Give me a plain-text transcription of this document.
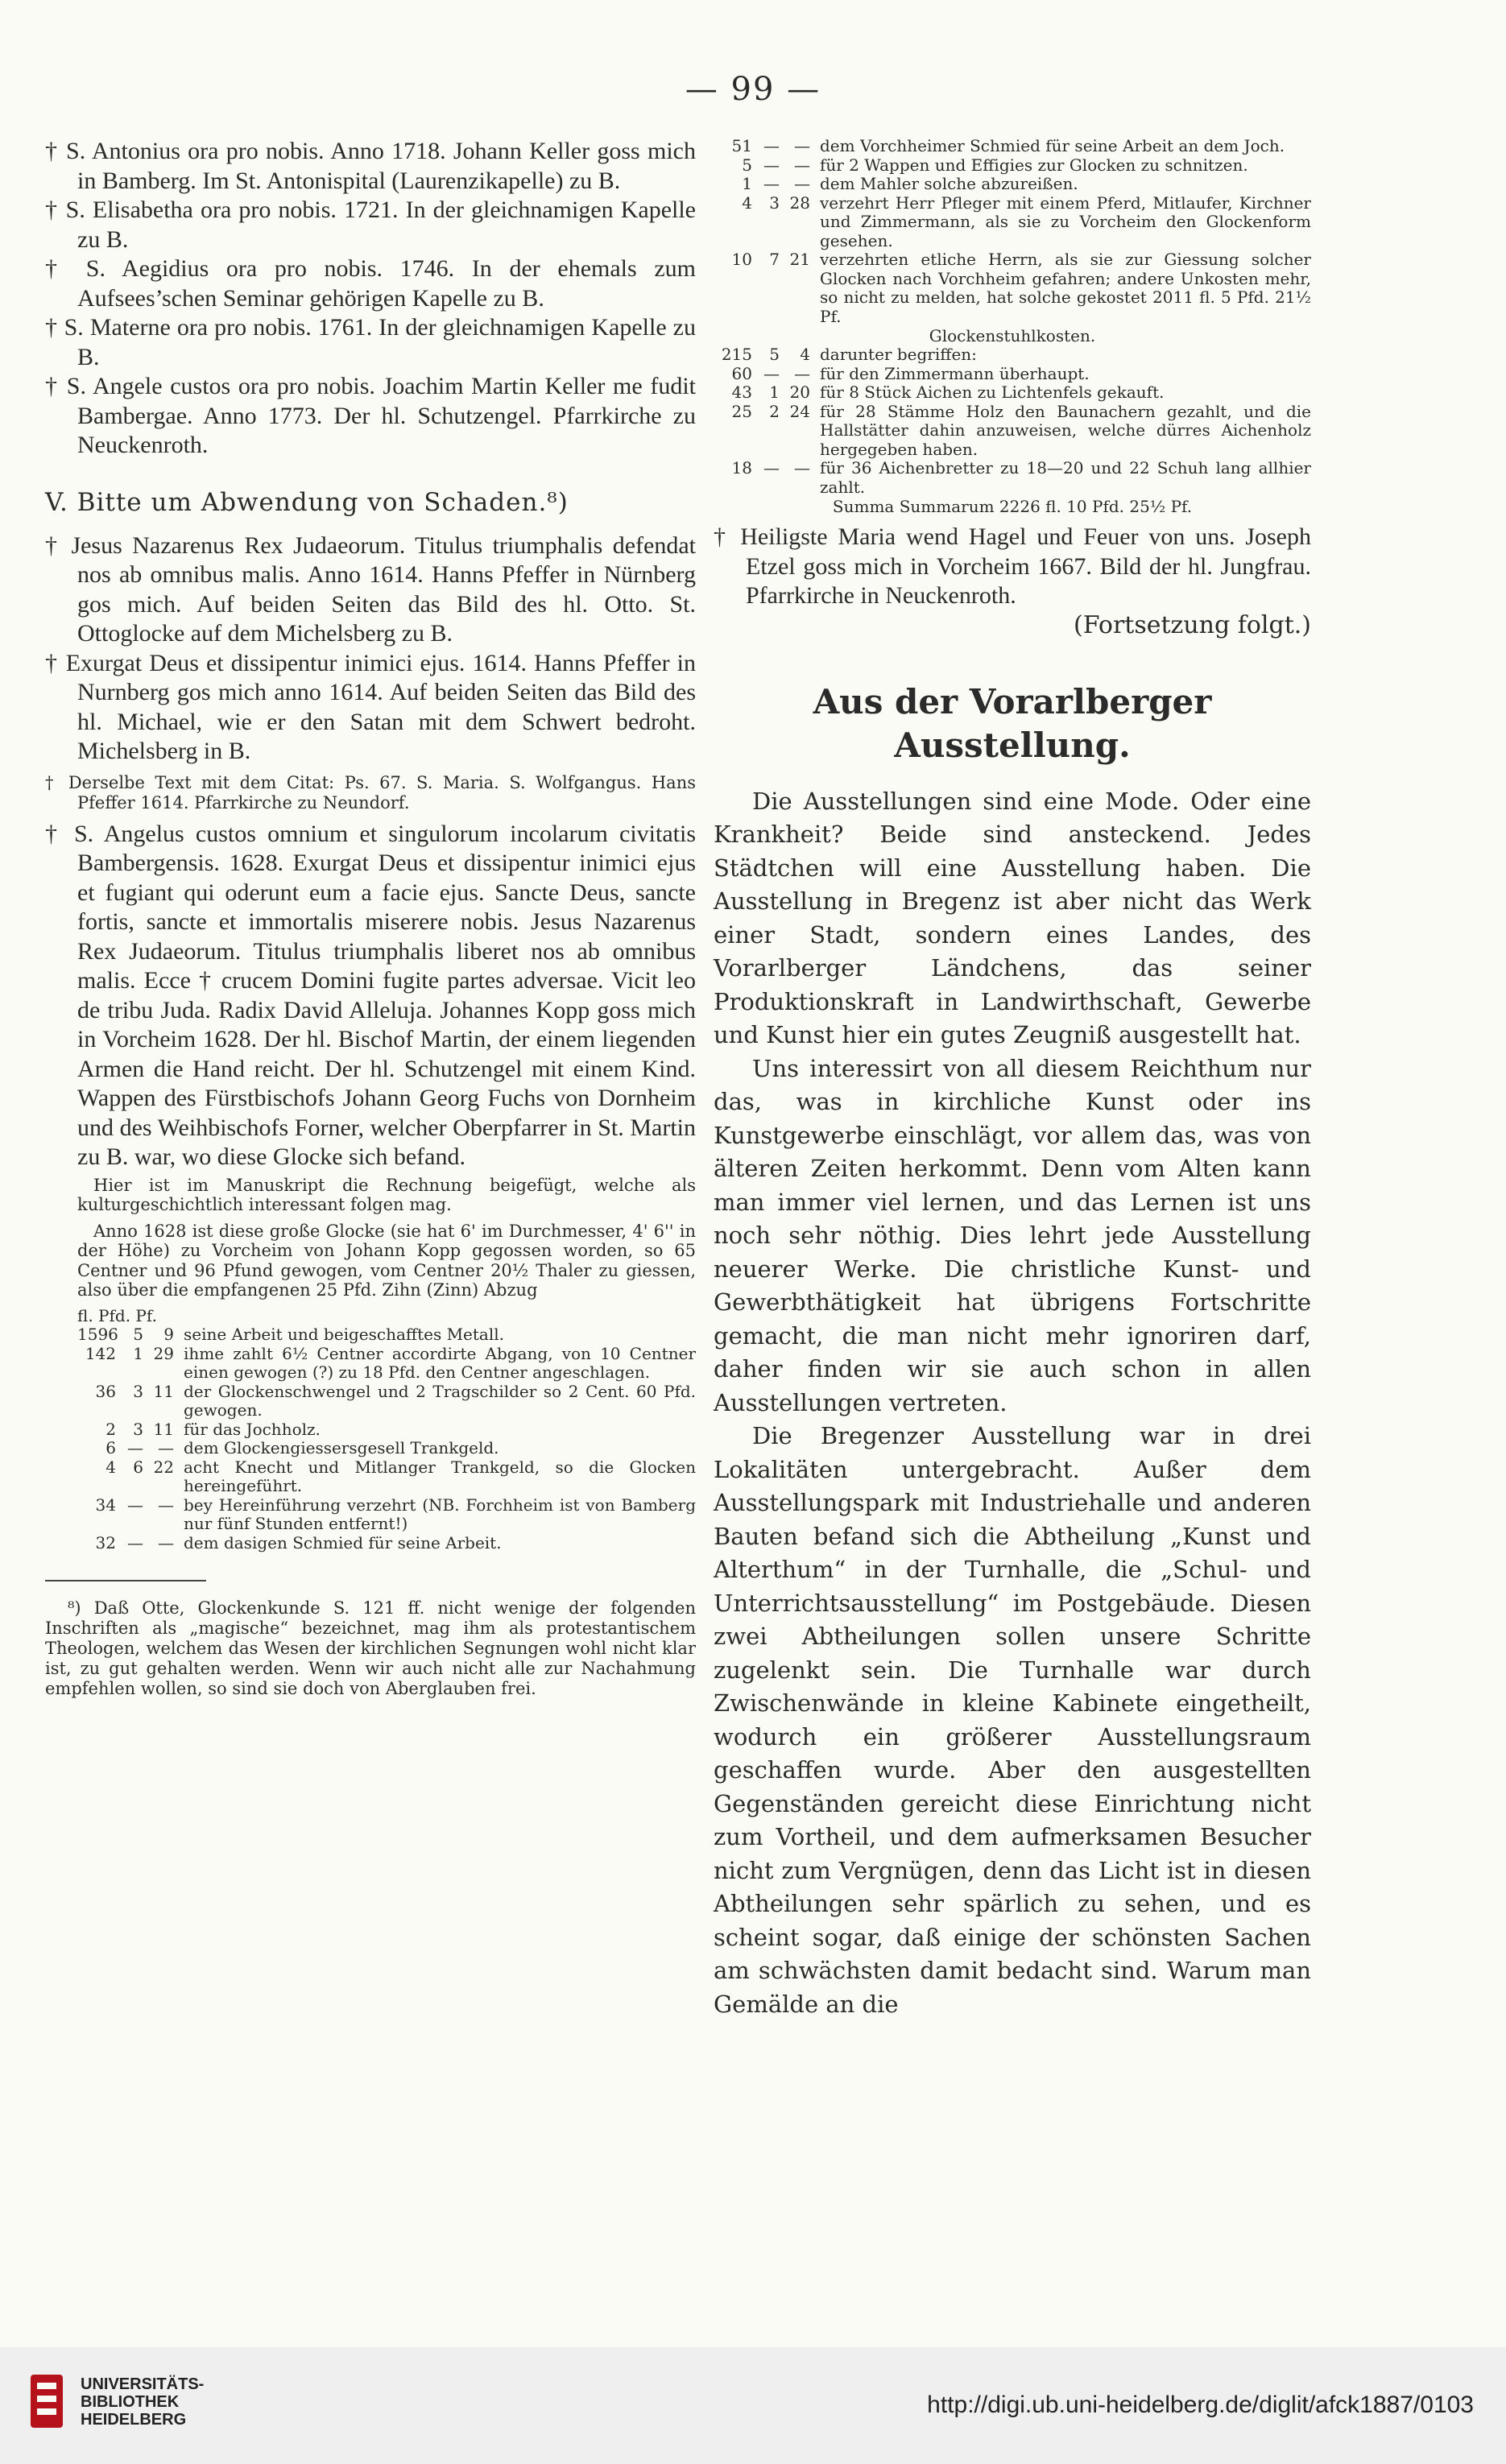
— 99 —

† S. Antonius ora pro nobis. Anno 1718. Johann Keller goss mich in Bamberg. Im St. Antonispital (Laurenzikapelle) zu B.

† S. Elisabetha ora pro nobis. 1721. In der gleichnamigen Kapelle zu B.

† S. Aegidius ora pro nobis. 1746. In der ehemals zum Aufsees’schen Seminar gehörigen Kapelle zu B.

† S. Materne ora pro nobis. 1761. In der gleichnamigen Kapelle zu B.

† S. Angele custos ora pro nobis. Joachim Martin Keller me fudit Bambergae. Anno 1773. Der hl. Schutzengel. Pfarrkirche zu Neuckenroth.

V. Bitte um Abwendung von Schaden.⁸)

† Jesus Nazarenus Rex Judaeorum. Titulus triumphalis defendat nos ab omnibus malis. Anno 1614. Hanns Pfeffer in Nürnberg gos mich. Auf beiden Seiten das Bild des hl. Otto. St. Ottoglocke auf dem Michelsberg zu B.

† Exurgat Deus et dissipentur inimici ejus. 1614. Hanns Pfeffer in Nurnberg gos mich anno 1614. Auf beiden Seiten das Bild des hl. Michael, wie er den Satan mit dem Schwert bedroht. Michelsberg in B.

† Derselbe Text mit dem Citat: Ps. 67. S. Maria. S. Wolfgangus. Hans Pfeffer 1614. Pfarrkirche zu Neundorf.

† S. Angelus custos omnium et singulorum incolarum civitatis Bambergensis. 1628. Exurgat Deus et dissipentur inimici ejus et fugiant qui oderunt eum a facie ejus. Sancte Deus, sancte fortis, sancte et immortalis miserere nobis. Jesus Nazarenus Rex Judaeorum. Titulus triumphalis liberet nos ab omnibus malis. Ecce † crucem Domini fugite partes adversae. Vicit leo de tribu Juda. Radix David Alleluja. Johannes Kopp goss mich in Vorcheim 1628. Der hl. Bischof Martin, der einem liegenden Armen die Hand reicht. Der hl. Schutzengel mit einem Kind. Wappen des Fürstbischofs Johann Georg Fuchs von Dornheim und des Weihbischofs Forner, welcher Oberpfarrer in St. Martin zu B. war, wo diese Glocke sich befand.

Hier ist im Manuskript die Rechnung beigefügt, welche als kulturgeschichtlich interessant folgen mag.

Anno 1628 ist diese große Glocke (sie hat 6' im Durchmesser, 4' 6'' in der Höhe) zu Vorcheim von Johann Kopp gegossen worden, so 65 Centner und 96 Pfund gewogen, vom Centner 20½ Thaler zu giessen, also über die empfangenen 25 Pfd. Zihn (Zinn) Abzug

fl. Pfd. Pf.
1596 5	9 seine Arbeit und beigeschafftes Metall.
142	1 29 ihme zahlt 6½ Centner accordirte Abgang, von 10 Centner einen gewogen (?) zu 18 Pfd. den Centner angeschlagen.
36	3 11 der Glockenschwengel und 2 Tragschilder so 2 Cent. 60 Pfd. gewogen.
2	3 11 für das Jochholz.
6 — — dem Glockengiessersgesell Trankgeld.
4	6 22 acht Knecht und Mitlanger Trankgeld, so die Glocken hereingeführt.
34 — — bey Hereinführung verzehrt (NB. Forchheim ist von Bamberg nur fünf Stunden entfernt!)
32 — — dem dasigen Schmied für seine Arbeit.

⁸) Daß Otte, Glockenkunde S. 121 ff. nicht wenige der folgenden Inschriften als „magische“ bezeichnet, mag ihm als protestantischem Theologen, welchem das Wesen der kirchlichen Segnungen wohl nicht klar ist, zu gut gehalten werden. Wenn wir auch nicht alle zur Nachahmung empfehlen wollen, so sind sie doch von Aberglauben frei.

51 — — dem Vorchheimer Schmied für seine Arbeit an dem Joch.
5 — — für 2 Wappen und Effigies zur Glocken zu schnitzen.
1 — — dem Mahler solche abzureißen.
4	3 28 verzehrt Herr Pfleger mit einem Pferd, Mitlaufer, Kirchner und Zimmermann, als sie zu Vorcheim den Glockenform gesehen.
10	7 21 verzehrten etliche Herrn, als sie zur Giessung solcher Glocken nach Vorchheim gefahren; andere Unkosten mehr, so nicht zu melden, hat solche gekostet 2011 fl. 5 Pfd. 21½ Pf.
Glockenstuhlkosten.
215	5	4 darunter begriffen:
60 — — für den Zimmermann überhaupt.
43	1 20 für 8 Stück Aichen zu Lichtenfels gekauft.
25	2 24 für 28 Stämme Holz den Baunachern gezahlt, und die Hallstätter dahin anzuweisen, welche dürres Aichenholz hergegeben haben.
18 — — für 36 Aichenbretter zu 18—20 und 22 Schuh lang allhier zahlt.
Summa Summarum 2226 fl. 10 Pfd. 25½ Pf.

† Heiligste Maria wend Hagel und Feuer von uns. Joseph Etzel goss mich in Vorcheim 1667. Bild der hl. Jungfrau. Pfarrkirche in Neuckenroth.

(Fortsetzung folgt.)
Aus der Vorarlberger Ausstellung.

Die Ausstellungen sind eine Mode. Oder eine Krankheit? Beide sind ansteckend. Jedes Städtchen will eine Ausstellung haben. Die Ausstellung in Bregenz ist aber nicht das Werk einer Stadt, sondern eines Landes, des Vorarlberger Ländchens, das seiner Produktionskraft in Landwirthschaft, Gewerbe und Kunst hier ein gutes Zeugniß ausgestellt hat.

Uns interessirt von all diesem Reichthum nur das, was in kirchliche Kunst oder ins Kunstgewerbe einschlägt, vor allem das, was von älteren Zeiten herkommt. Denn vom Alten kann man immer viel lernen, und das Lernen ist uns noch sehr nöthig. Dies lehrt jede Ausstellung neuerer Werke. Die christliche Kunst- und Gewerbthätigkeit hat übrigens Fortschritte gemacht, die man nicht mehr ignoriren darf, daher finden wir sie auch schon in allen Ausstellungen vertreten.

Die Bregenzer Ausstellung war in drei Lokalitäten untergebracht. Außer dem Ausstellungspark mit Industriehalle und anderen Bauten befand sich die Abtheilung „Kunst und Alterthum“ in der Turnhalle, die „Schul- und Unterrichtsausstellung“ im Postgebäude. Diesen zwei Abtheilungen sollen unsere Schritte zugelenkt sein. Die Turnhalle war durch Zwischenwände in kleine Kabinete eingetheilt, wodurch ein größerer Ausstellungsraum geschaffen wurde. Aber den ausgestellten Gegenständen gereicht diese Einrichtung nicht zum Vortheil, und dem aufmerksamen Besucher nicht zum Vergnügen, denn das Licht ist in diesen Abtheilungen sehr spärlich zu sehen, und es scheint sogar, daß einige der schönsten Sachen am schwächsten damit bedacht sind. Warum man Gemälde an die

UNIVERSITÄTS-
BIBLIOTHEK
HEIDELBERG
http://digi.ub.uni-heidelberg.de/diglit/afck1887/0103
